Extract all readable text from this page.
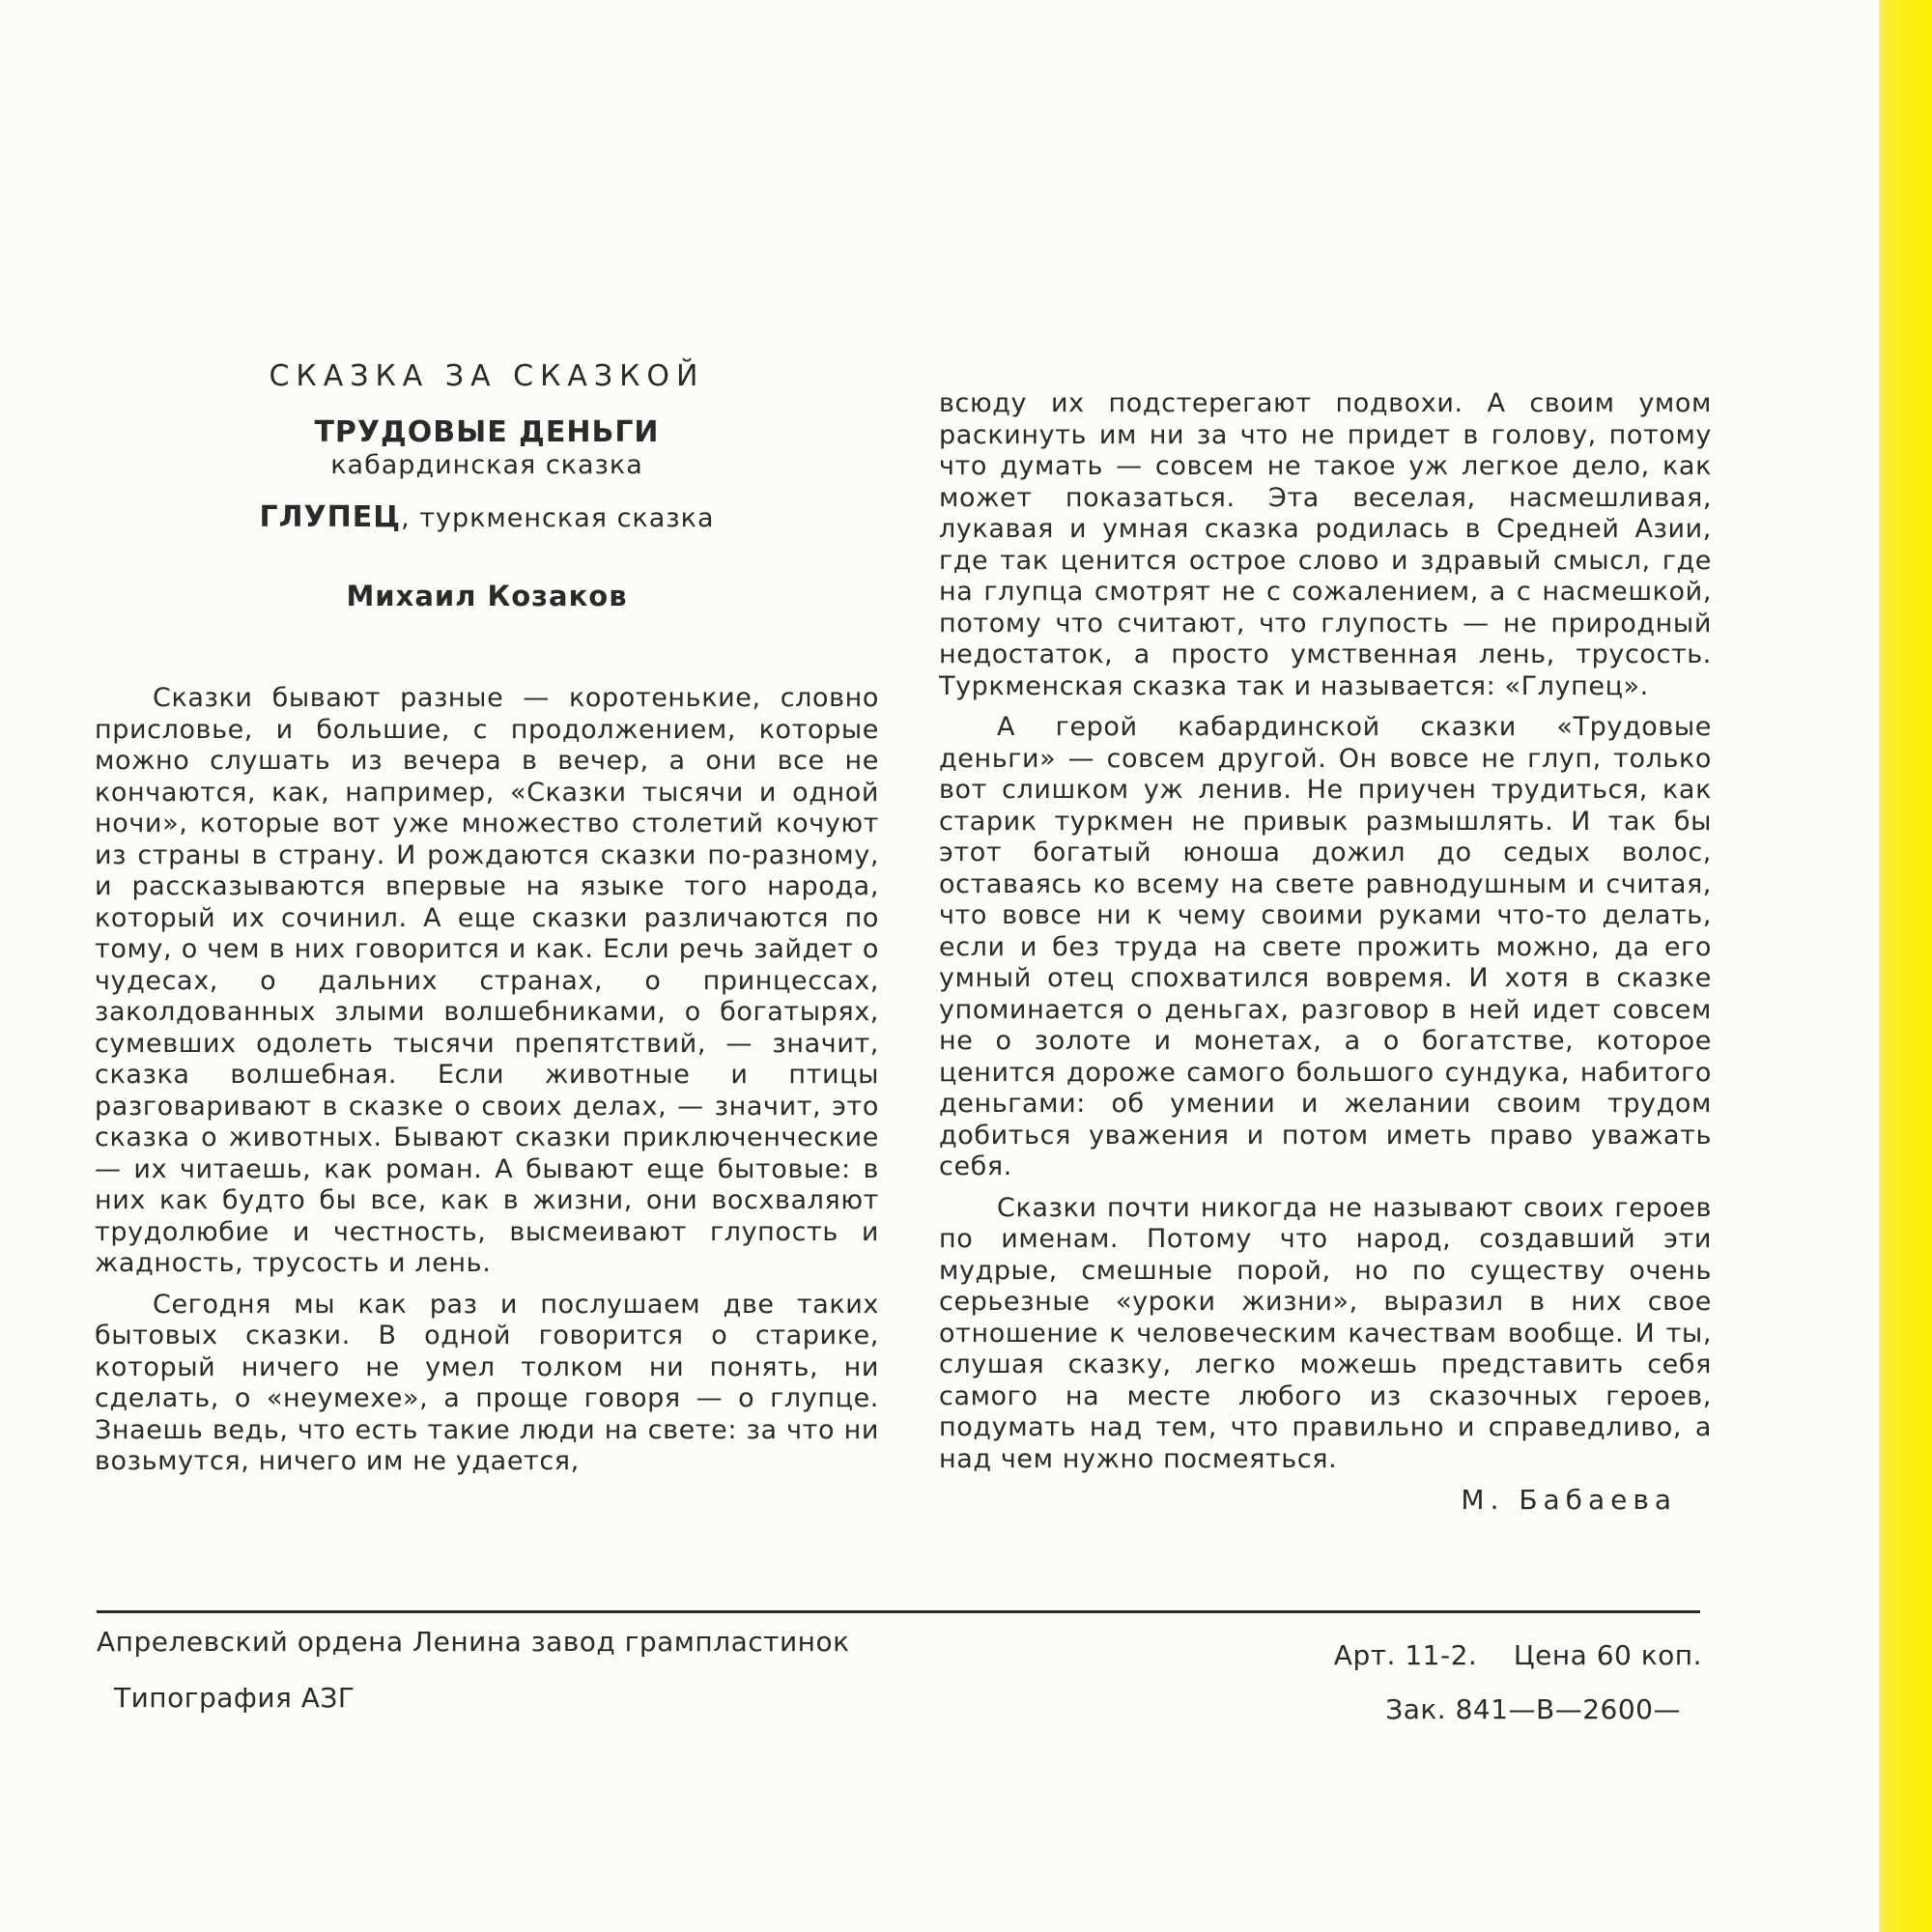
СКАЗКА ЗА СКАЗКОЙ
ТРУДОВЫЕ ДЕНЬГИ
кабардинская сказка
ГЛУПЕЦ, туркменская сказка
Михаил Козаков

Сказки бывают разные — коротенькие, словно присловье, и большие, с продолжением, которые можно слушать из вечера в вечер, а они все не кончаются, как, например, «Сказки тысячи и одной ночи», которые вот уже множество столетий кочуют из страны в страну. И рождаются сказки по-разному, и рассказываются впервые на языке того народа, который их сочинил. А еще сказки различаются по тому, о чем в них говорится и как. Если речь зайдет о чудесах, о дальних странах, о принцессах, заколдованных злыми волшебниками, о богатырях, сумевших одолеть тысячи препятствий, — значит, сказка волшебная. Если животные и птицы разговаривают в сказке о своих делах, — значит, это сказка о животных. Бывают сказки приключенческие — их читаешь, как роман. А бывают еще бытовые: в них как будто бы все, как в жизни, они восхваляют трудолюбие и честность, высмеивают глупость и жадность, трусость и лень.

Сегодня мы как раз и послушаем две таких бытовых сказки. В одной говорится о старике, который ничего не умел толком ни понять, ни сделать, о «неумехе», а проще говоря — о глупце. Знаешь ведь, что есть такие люди на свете: за что ни возьмутся, ничего им не удается,

всюду их подстерегают подвохи. А своим умом раскинуть им ни за что не придет в голову, потому что думать — совсем не такое уж легкое дело, как может показаться. Эта веселая, насмешливая, лукавая и умная сказка родилась в Средней Азии, где так ценится острое слово и здравый смысл, где на глупца смотрят не с сожалением, а с насмешкой, потому что считают, что глупость — не природный недостаток, а просто умственная лень, трусость. Туркменская сказка так и называется: «Глупец».

А герой кабардинской сказки «Трудовые деньги» — совсем другой. Он вовсе не глуп, только вот слишком уж ленив. Не приучен трудиться, как старик туркмен не привык размышлять. И так бы этот богатый юноша дожил до седых волос, оставаясь ко всему на свете равнодушным и считая, что вовсе ни к чему своими руками что-то делать, если и без труда на свете прожить можно, да его умный отец спохватился вовремя. И хотя в сказке упоминается о деньгах, разговор в ней идет совсем не о золоте и монетах, а о богатстве, которое ценится дороже самого большого сундука, набитого деньгами: об умении и желании своим трудом добиться уважения и потом иметь право уважать себя.

Сказки почти никогда не называют своих героев по именам. Потому что народ, создавший эти мудрые, смешные порой, но по существу очень серьезные «уроки жизни», выразил в них свое отношение к человеческим качествам вообще. И ты, слушая сказку, легко можешь представить себя самого на месте любого из сказочных героев, подумать над тем, что правильно и справедливо, а над чем нужно посмеяться.

М. Бабаева
Апрелевский ордена Ленина завод грампластинок
Типография АЗГ
Арт. 11-2.    Цена 60 коп.
Зак. 841—В—2600—
